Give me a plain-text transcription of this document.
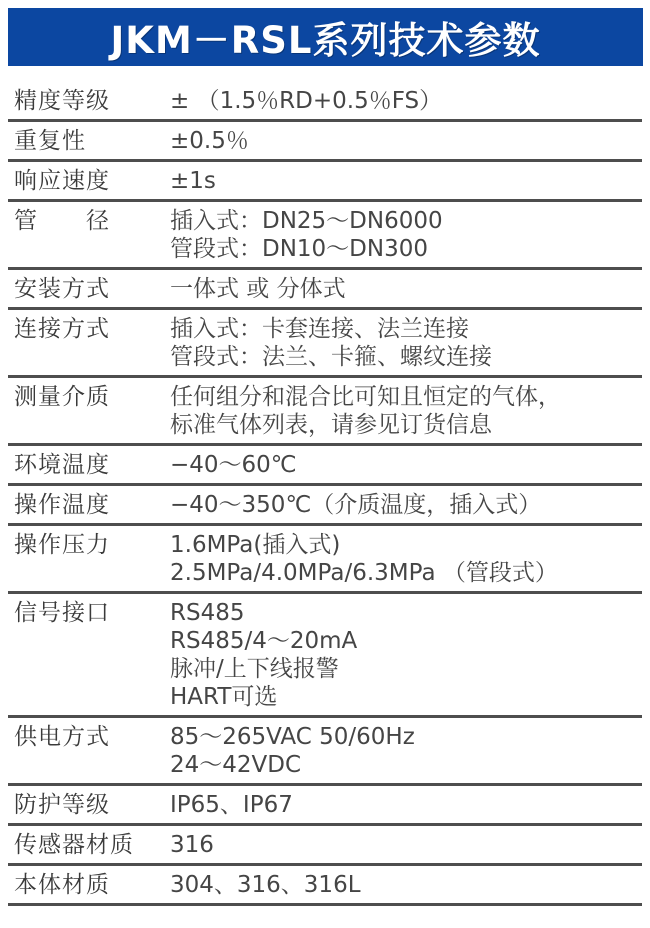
JKM－RSL系列技术参数
精度等级	± （1.5％RD+0.5％FS）
重复性	±0.5％
响应速度	±1s
管　　径	插入式：DN25～DN6000
管段式：DN10～DN300
安装方式	一体式 或 分体式
连接方式	插入式：卡套连接、法兰连接
管段式：法兰、卡箍、螺纹连接
测量介质	任何组分和混合比可知且恒定的气体，
标准气体列表，请参见订货信息
环境温度	−40～60℃
操作温度	−40～350℃（介质温度，插入式）
操作压力	1.6MPa(插入式)
2.5MPa/4.0MPa/6.3MPa （管段式）
信号接口	RS485
RS485/4～20mA
脉冲/上下线报警
HART可选
供电方式	85～265VAC 50/60Hz
24～42VDC
防护等级	IP65、IP67
传感器材质	316
本体材质	304、316、316L
